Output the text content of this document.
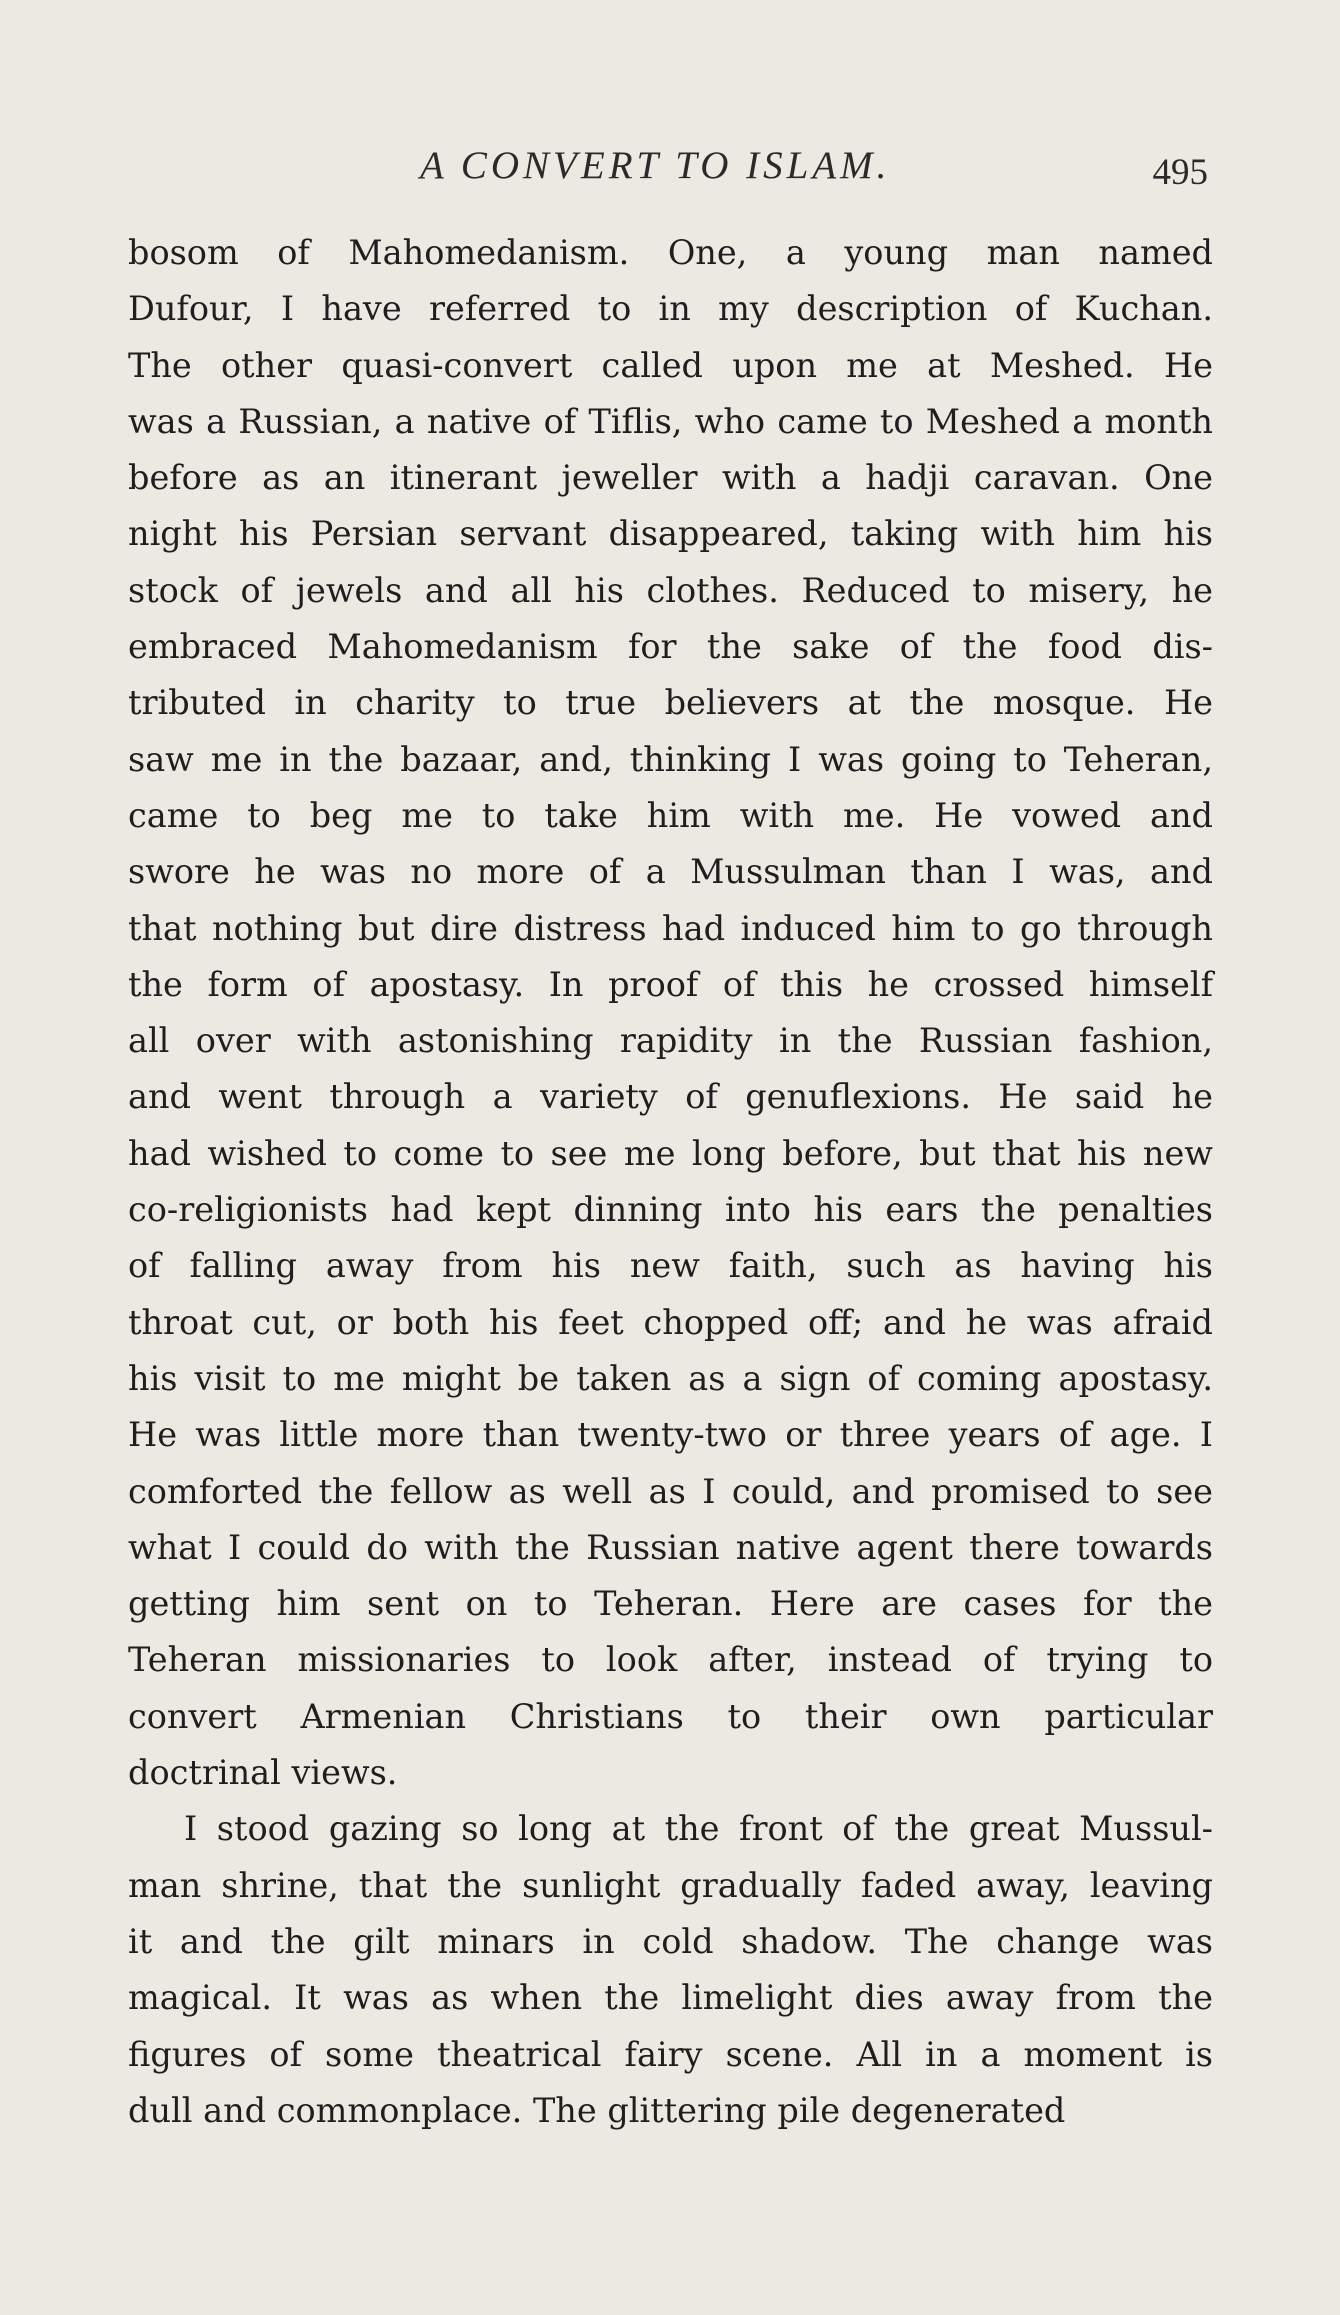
A CONVERT TO ISLAM.	495

bosom of Mahomedanism. One, a young man named

Dufour, I have referred to in my description of Kuchan.

The other quasi-convert called upon me at Meshed. He

was a Russian, a native of Tiflis, who came to Meshed a month

before as an itinerant jeweller with a hadji caravan. One

night his Persian servant disappeared, taking with him his

stock of jewels and all his clothes. Reduced to misery, he

embraced Mahomedanism for the sake of the food dis-

tributed in charity to true believers at the mosque. He

saw me in the bazaar, and, thinking I was going to Teheran,

came to beg me to take him with me. He vowed and

swore he was no more of a Mussulman than I was, and

that nothing but dire distress had induced him to go through

the form of apostasy. In proof of this he crossed himself

all over with astonishing rapidity in the Russian fashion,

and went through a variety of genuflexions. He said he

had wished to come to see me long before, but that his new

co-religionists had kept dinning into his ears the penalties

of falling away from his new faith, such as having his

throat cut, or both his feet chopped off; and he was afraid

his visit to me might be taken as a sign of coming apostasy.

He was little more than twenty-two or three years of age. I

comforted the fellow as well as I could, and promised to see

what I could do with the Russian native agent there towards

getting him sent on to Teheran. Here are cases for the

Teheran missionaries to look after, instead of trying to

convert Armenian Christians to their own particular

doctrinal views.

I stood gazing so long at the front of the great Mussul-

man shrine, that the sunlight gradually faded away, leaving

it and the gilt minars in cold shadow. The change was

magical. It was as when the limelight dies away from the

figures of some theatrical fairy scene. All in a moment is

dull and commonplace. The glittering pile degenerated
